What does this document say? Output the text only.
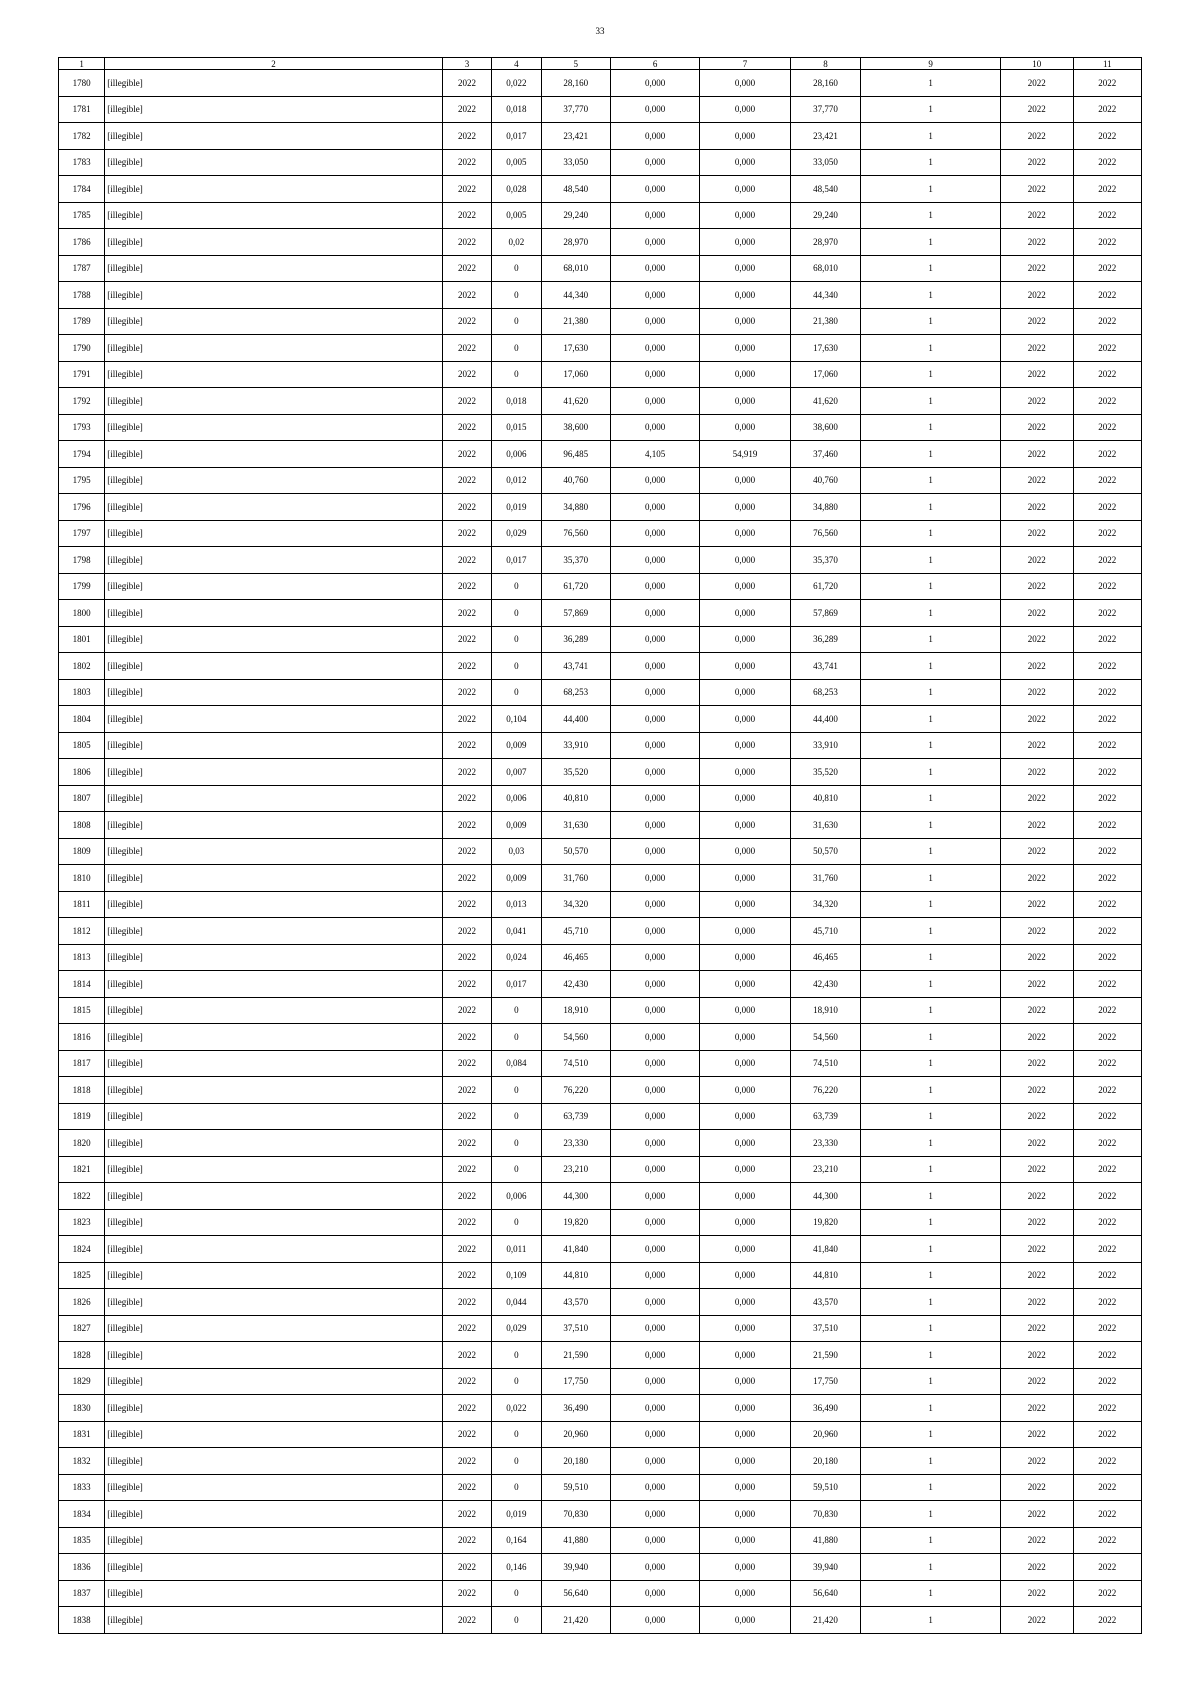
33
1	2	3	4	5	6	7	8	9	10	11
1780	[illegible]	2022	0,022	28,160	0,000	0,000	28,160	1	2022	2022
1781	[illegible]	2022	0,018	37,770	0,000	0,000	37,770	1	2022	2022
1782	[illegible]	2022	0,017	23,421	0,000	0,000	23,421	1	2022	2022
1783	[illegible]	2022	0,005	33,050	0,000	0,000	33,050	1	2022	2022
1784	[illegible]	2022	0,028	48,540	0,000	0,000	48,540	1	2022	2022
1785	[illegible]	2022	0,005	29,240	0,000	0,000	29,240	1	2022	2022
1786	[illegible]	2022	0,02	28,970	0,000	0,000	28,970	1	2022	2022
1787	[illegible]	2022	0	68,010	0,000	0,000	68,010	1	2022	2022
1788	[illegible]	2022	0	44,340	0,000	0,000	44,340	1	2022	2022
1789	[illegible]	2022	0	21,380	0,000	0,000	21,380	1	2022	2022
1790	[illegible]	2022	0	17,630	0,000	0,000	17,630	1	2022	2022
1791	[illegible]	2022	0	17,060	0,000	0,000	17,060	1	2022	2022
1792	[illegible]	2022	0,018	41,620	0,000	0,000	41,620	1	2022	2022
1793	[illegible]	2022	0,015	38,600	0,000	0,000	38,600	1	2022	2022
1794	[illegible]	2022	0,006	96,485	4,105	54,919	37,460	1	2022	2022
1795	[illegible]	2022	0,012	40,760	0,000	0,000	40,760	1	2022	2022
1796	[illegible]	2022	0,019	34,880	0,000	0,000	34,880	1	2022	2022
1797	[illegible]	2022	0,029	76,560	0,000	0,000	76,560	1	2022	2022
1798	[illegible]	2022	0,017	35,370	0,000	0,000	35,370	1	2022	2022
1799	[illegible]	2022	0	61,720	0,000	0,000	61,720	1	2022	2022
1800	[illegible]	2022	0	57,869	0,000	0,000	57,869	1	2022	2022
1801	[illegible]	2022	0	36,289	0,000	0,000	36,289	1	2022	2022
1802	[illegible]	2022	0	43,741	0,000	0,000	43,741	1	2022	2022
1803	[illegible]	2022	0	68,253	0,000	0,000	68,253	1	2022	2022
1804	[illegible]	2022	0,104	44,400	0,000	0,000	44,400	1	2022	2022
1805	[illegible]	2022	0,009	33,910	0,000	0,000	33,910	1	2022	2022
1806	[illegible]	2022	0,007	35,520	0,000	0,000	35,520	1	2022	2022
1807	[illegible]	2022	0,006	40,810	0,000	0,000	40,810	1	2022	2022
1808	[illegible]	2022	0,009	31,630	0,000	0,000	31,630	1	2022	2022
1809	[illegible]	2022	0,03	50,570	0,000	0,000	50,570	1	2022	2022
1810	[illegible]	2022	0,009	31,760	0,000	0,000	31,760	1	2022	2022
1811	[illegible]	2022	0,013	34,320	0,000	0,000	34,320	1	2022	2022
1812	[illegible]	2022	0,041	45,710	0,000	0,000	45,710	1	2022	2022
1813	[illegible]	2022	0,024	46,465	0,000	0,000	46,465	1	2022	2022
1814	[illegible]	2022	0,017	42,430	0,000	0,000	42,430	1	2022	2022
1815	[illegible]	2022	0	18,910	0,000	0,000	18,910	1	2022	2022
1816	[illegible]	2022	0	54,560	0,000	0,000	54,560	1	2022	2022
1817	[illegible]	2022	0,084	74,510	0,000	0,000	74,510	1	2022	2022
1818	[illegible]	2022	0	76,220	0,000	0,000	76,220	1	2022	2022
1819	[illegible]	2022	0	63,739	0,000	0,000	63,739	1	2022	2022
1820	[illegible]	2022	0	23,330	0,000	0,000	23,330	1	2022	2022
1821	[illegible]	2022	0	23,210	0,000	0,000	23,210	1	2022	2022
1822	[illegible]	2022	0,006	44,300	0,000	0,000	44,300	1	2022	2022
1823	[illegible]	2022	0	19,820	0,000	0,000	19,820	1	2022	2022
1824	[illegible]	2022	0,011	41,840	0,000	0,000	41,840	1	2022	2022
1825	[illegible]	2022	0,109	44,810	0,000	0,000	44,810	1	2022	2022
1826	[illegible]	2022	0,044	43,570	0,000	0,000	43,570	1	2022	2022
1827	[illegible]	2022	0,029	37,510	0,000	0,000	37,510	1	2022	2022
1828	[illegible]	2022	0	21,590	0,000	0,000	21,590	1	2022	2022
1829	[illegible]	2022	0	17,750	0,000	0,000	17,750	1	2022	2022
1830	[illegible]	2022	0,022	36,490	0,000	0,000	36,490	1	2022	2022
1831	[illegible]	2022	0	20,960	0,000	0,000	20,960	1	2022	2022
1832	[illegible]	2022	0	20,180	0,000	0,000	20,180	1	2022	2022
1833	[illegible]	2022	0	59,510	0,000	0,000	59,510	1	2022	2022
1834	[illegible]	2022	0,019	70,830	0,000	0,000	70,830	1	2022	2022
1835	[illegible]	2022	0,164	41,880	0,000	0,000	41,880	1	2022	2022
1836	[illegible]	2022	0,146	39,940	0,000	0,000	39,940	1	2022	2022
1837	[illegible]	2022	0	56,640	0,000	0,000	56,640	1	2022	2022
1838	[illegible]	2022	0	21,420	0,000	0,000	21,420	1	2022	2022
